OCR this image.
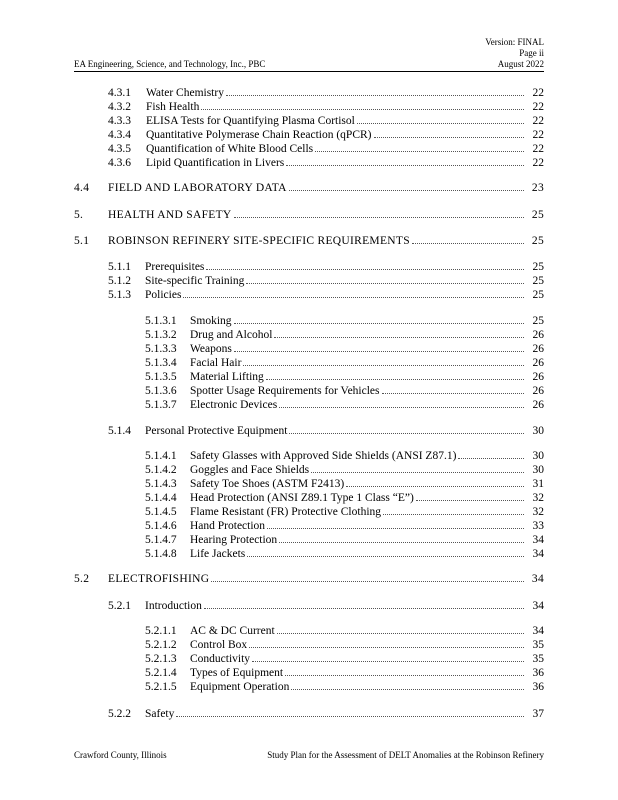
Version: FINAL
Page ii
August 2022
EA Engineering, Science, and Technology, Inc., PBC
4.3.1	Water Chemistry	22
4.3.2	Fish Health	22
4.3.3	ELISA Tests for Quantifying Plasma Cortisol	22
4.3.4	Quantitative Polymerase Chain Reaction (qPCR)	22
4.3.5	Quantification of White Blood Cells	22
4.3.6	Lipid Quantification in Livers	22
4.4	FIELD AND LABORATORY DATA	23
5.	HEALTH AND SAFETY	25
5.1	ROBINSON REFINERY SITE-SPECIFIC REQUIREMENTS	25
5.1.1	Prerequisites	25
5.1.2	Site-specific Training	25
5.1.3	Policies	25
5.1.3.1	Smoking	25
5.1.3.2	Drug and Alcohol	26
5.1.3.3	Weapons	26
5.1.3.4	Facial Hair	26
5.1.3.5	Material Lifting	26
5.1.3.6	Spotter Usage Requirements for Vehicles	26
5.1.3.7	Electronic Devices	26
5.1.4	Personal Protective Equipment	30
5.1.4.1	Safety Glasses with Approved Side Shields (ANSI Z87.1)	30
5.1.4.2	Goggles and Face Shields	30
5.1.4.3	Safety Toe Shoes (ASTM F2413)	31
5.1.4.4	Head Protection (ANSI Z89.1 Type 1 Class “E”)	32
5.1.4.5	Flame Resistant (FR) Protective Clothing	32
5.1.4.6	Hand Protection	33
5.1.4.7	Hearing Protection	34
5.1.4.8	Life Jackets	34
5.2	ELECTROFISHING	34
5.2.1	Introduction	34
5.2.1.1	AC & DC Current	34
5.2.1.2	Control Box	35
5.2.1.3	Conductivity	35
5.2.1.4	Types of Equipment	36
5.2.1.5	Equipment Operation	36
5.2.2	Safety	37
Crawford County, Illinois	Study Plan for the Assessment of DELT Anomalies at the Robinson Refinery
